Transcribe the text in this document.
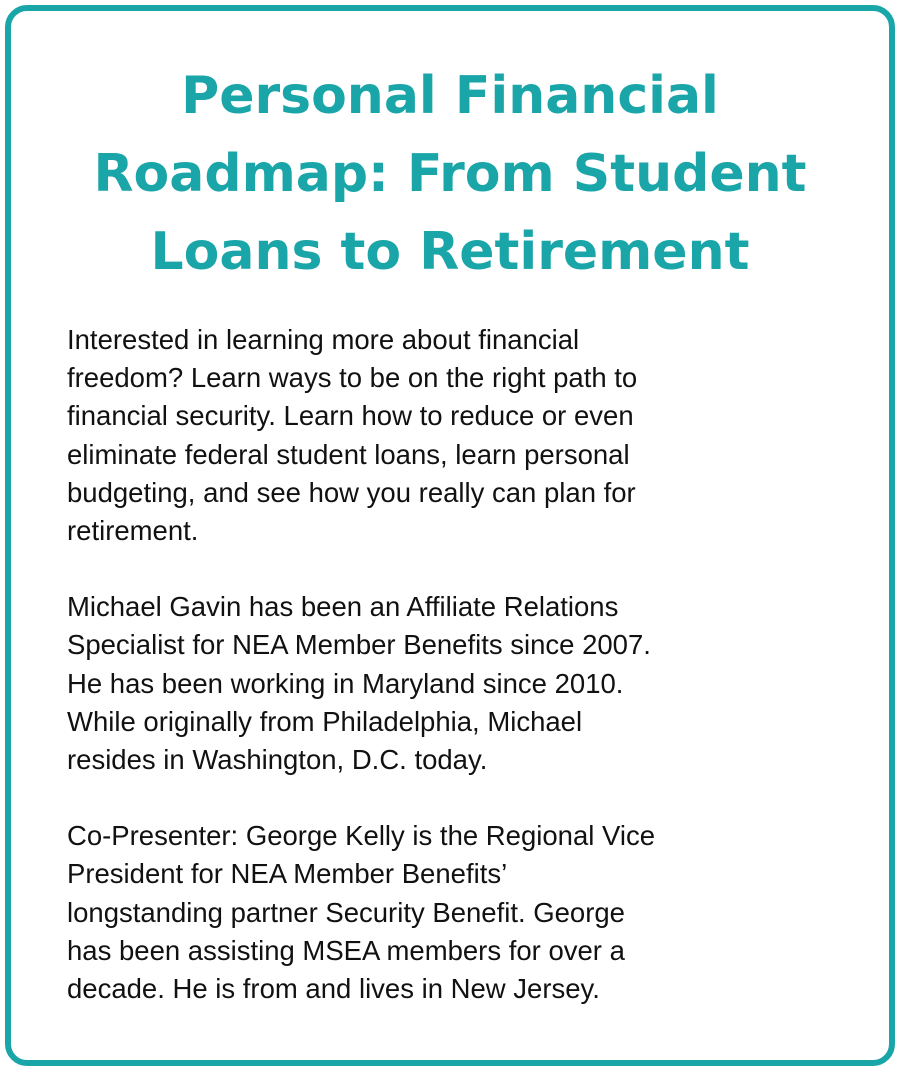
Personal Financial
Roadmap: From Student
Loans to Retirement

Interested in learning more about financial
freedom? Learn ways to be on the right path to
financial security. Learn how to reduce or even
eliminate federal student loans, learn personal
budgeting, and see how you really can plan for
retirement.

Michael Gavin has been an Affiliate Relations
Specialist for NEA Member Benefits since 2007.
He has been working in Maryland since 2010.
While originally from Philadelphia, Michael
resides in Washington, D.C. today.

Co-Presenter: George Kelly is the Regional Vice
President for NEA Member Benefits’
longstanding partner Security Benefit. George
has been assisting MSEA members for over a
decade. He is from and lives in New Jersey.
